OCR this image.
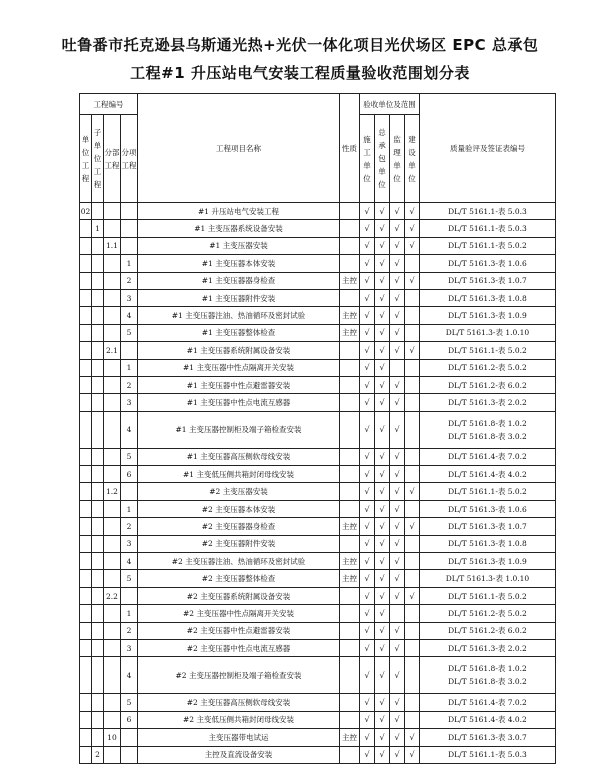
吐鲁番市托克逊县乌斯通光热+光伏一体化项目光伏场区 EPC 总承包
工程#1 升压站电气安装工程质量验收范围划分表
工程编号				工程项目名称	性质	验收单位及范围				质量验评及签证表编号
单位工程	子单位工程	分部工程	分项工程			施工单位	总承包单位	监理单位	建设单位	
02				#1 升压站电气安装工程		√	√	√	√	DL/T 5161.1-表 5.0.3

	1			#1 主变压器系统设备安装		√	√	√	√	DL/T 5161.1-表 5.0.3

		1.1		#1 主变压器安装		√	√	√	√	DL/T 5161.1-表 5.0.2

			1	#1 主变压器本体安装		√	√	√		DL/T 5161.3-表 1.0.6

			2	#1 主变压器器身检查	主控	√	√	√	√	DL/T 5161.3-表 1.0.7

			3	#1 主变压器附件安装		√	√	√		DL/T 5161.3-表 1.0.8

			4	#1 主变压器注油、热油循环及密封试验	主控	√	√	√		DL/T 5161.3-表 1.0.9

			5	#1 主变压器整体检查	主控	√	√	√		DL/T 5161.3-表 1.0.10

		2.1		#1 主变压器系统附属设备安装		√	√	√	√	DL/T 5161.1-表 5.0.2

			1	#1 主变压器中性点隔离开关安装		√	√			DL/T 5161.2-表 5.0.2

			2	#1 主变压器中性点避雷器安装		√	√	√		DL/T 5161.2-表 6.0.2

			3	#1 主变压器中性点电流互感器		√	√	√		DL/T 5161.3-表 2.0.2

			4	#1 主变压器控制柜及端子箱检查安装		√	√	√		DL/T 5161.8-表 1.0.2
DL/T 5161.8-表 3.0.2

			5	#1 主变压器高压侧软母线安装		√	√	√		DL/T 5161.4-表 7.0.2

			6	#1 主变低压侧共箱封闭母线安装		√	√	√		DL/T 5161.4-表 4.0.2

		1.2		#2 主变压器安装		√	√	√	√	DL/T 5161.1-表 5.0.2

			1	#2 主变压器本体安装		√	√	√		DL/T 5161.3-表 1.0.6

			2	#2 主变压器器身检查	主控	√	√	√	√	DL/T 5161.3-表 1.0.7

			3	#2 主变压器附件安装		√	√	√		DL/T 5161.3-表 1.0.8

			4	#2 主变压器注油、热油循环及密封试验	主控	√	√	√		DL/T 5161.3-表 1.0.9

			5	#2 主变压器整体检查	主控	√	√	√		DL/T 5161.3-表 1.0.10

		2.2		#2 主变压器系统附属设备安装		√	√	√	√	DL/T 5161.1-表 5.0.2

			1	#2 主变压器中性点隔离开关安装		√	√			DL/T 5161.2-表 5.0.2

			2	#2 主变压器中性点避雷器安装		√	√	√		DL/T 5161.2-表 6.0.2

			3	#2 主变压器中性点电流互感器		√	√	√		DL/T 5161.3-表 2.0.2

			4	#2 主变压器控制柜及端子箱检查安装		√	√	√		DL/T 5161.8-表 1.0.2
DL/T 5161.8-表 3.0.2

			5	#2 主变压器高压侧软母线安装		√	√	√		DL/T 5161.4-表 7.0.2

			6	#2 主变低压侧共箱封闭母线安装		√	√	√		DL/T 5161.4-表 4.0.2

		10		主变压器带电试运	主控	√	√	√	√	DL/T 5161.3-表 3.0.7

	2			主控及直流设备安装		√	√	√	√	DL/T 5161.1-表 5.0.3
